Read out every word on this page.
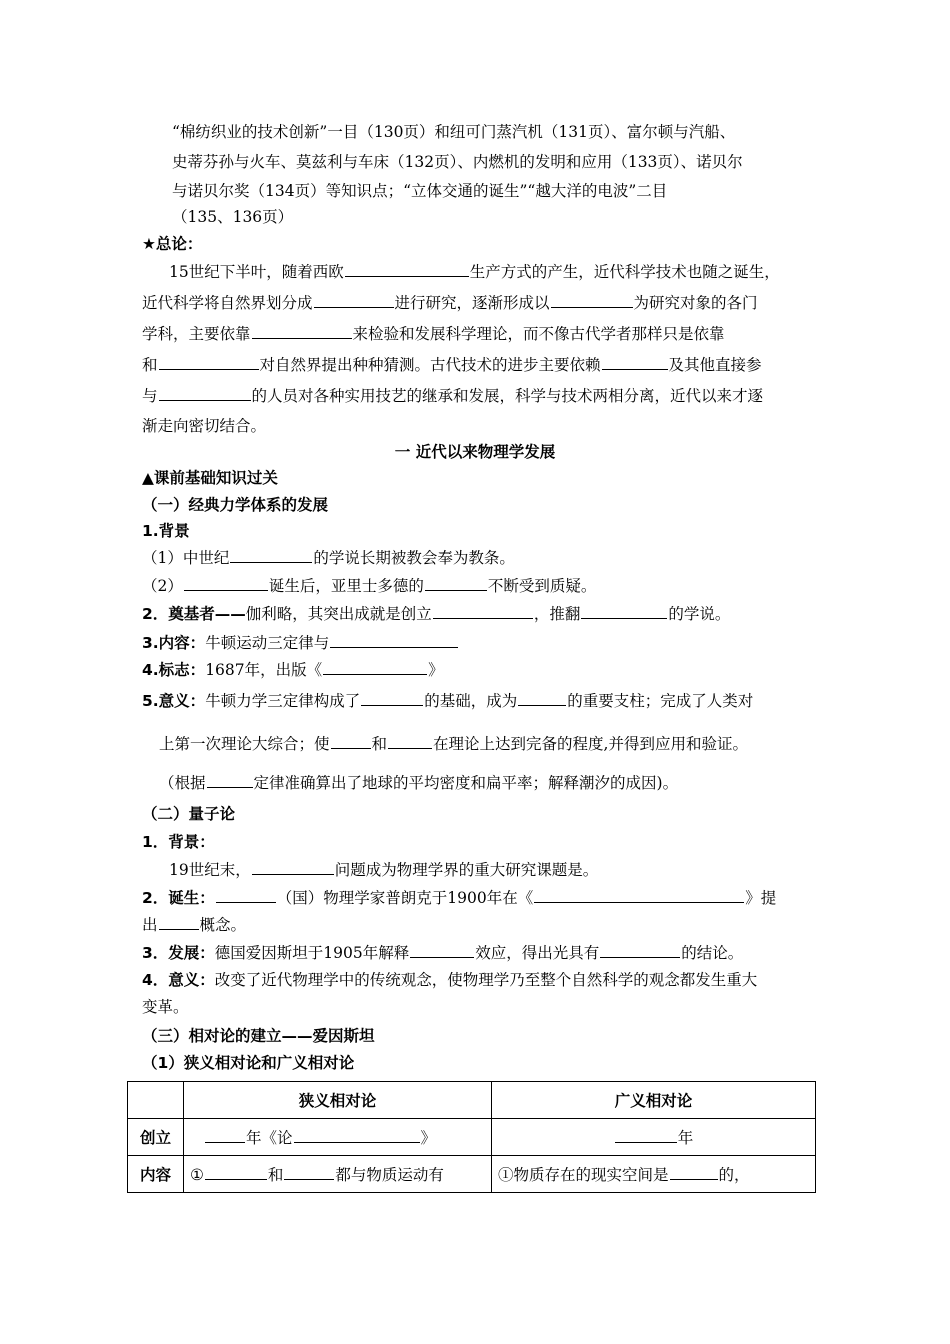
“棉纺织业的技术创新”一目（130页）和纽可门蒸汽机（131页）、富尔顿与汽船、
史蒂芬孙与火车、莫兹利与车床（132页）、内燃机的发明和应用（133页）、诺贝尔
与诺贝尔奖（134页）等知识点；“立体交通的诞生”“越大洋的电波”二目
（135、136页）
★总论：
15世纪下半叶，随着西欧	生产方式的产生，近代科学技术也随之诞生，
近代科学将自然界划分成	进行研究，逐渐形成以	为研究对象的各门
学科，主要依靠	来检验和发展科学理论，而不像古代学者那样只是依靠
和	对自然界提出种种猜测。古代技术的进步主要依赖	及其他直接参
与	的人员对各种实用技艺的继承和发展，科学与技术两相分离，近代以来才逐
渐走向密切结合。
一 近代以来物理学发展
▲课前基础知识过关
（一）经典力学体系的发展
1.背景
（1）中世纪	的学说长期被教会奉为教条。
（2）	诞生后，亚里士多德的	不断受到质疑。
2．奠基者——伽利略，其突出成就是创立	，推翻	的学说。
3.内容：牛顿运动三定律与
4.标志：1687年，出版《	》
5.意义：牛顿力学三定律构成了	的基础，成为	的重要支柱；完成了人类对
上第一次理论大综合；使	和	在理论上达到完备的程度,并得到应用和验证。
（根据	定律准确算出了地球的平均密度和扁平率；解释潮汐的成因)。
（二）量子论
1．背景：
19世纪末，	问题成为物理学界的重大研究课题是。
2．诞生：	（国）物理学家普朗克于1900年在《	》提
出	概念。
3．发展：德国爱因斯坦于1905年解释	效应，得出光具有	的结论。
4．意义：改变了近代物理学中的传统观念，使物理学乃至整个自然科学的观念都发生重大
变革。
（三）相对论的建立——爱因斯坦
（1）狭义相对论和广义相对论
	狭义相对论	广义相对论
创立	年《论 》	年
内容	① 和 都与物质运动有	①物质存在的现实空间是 的，
